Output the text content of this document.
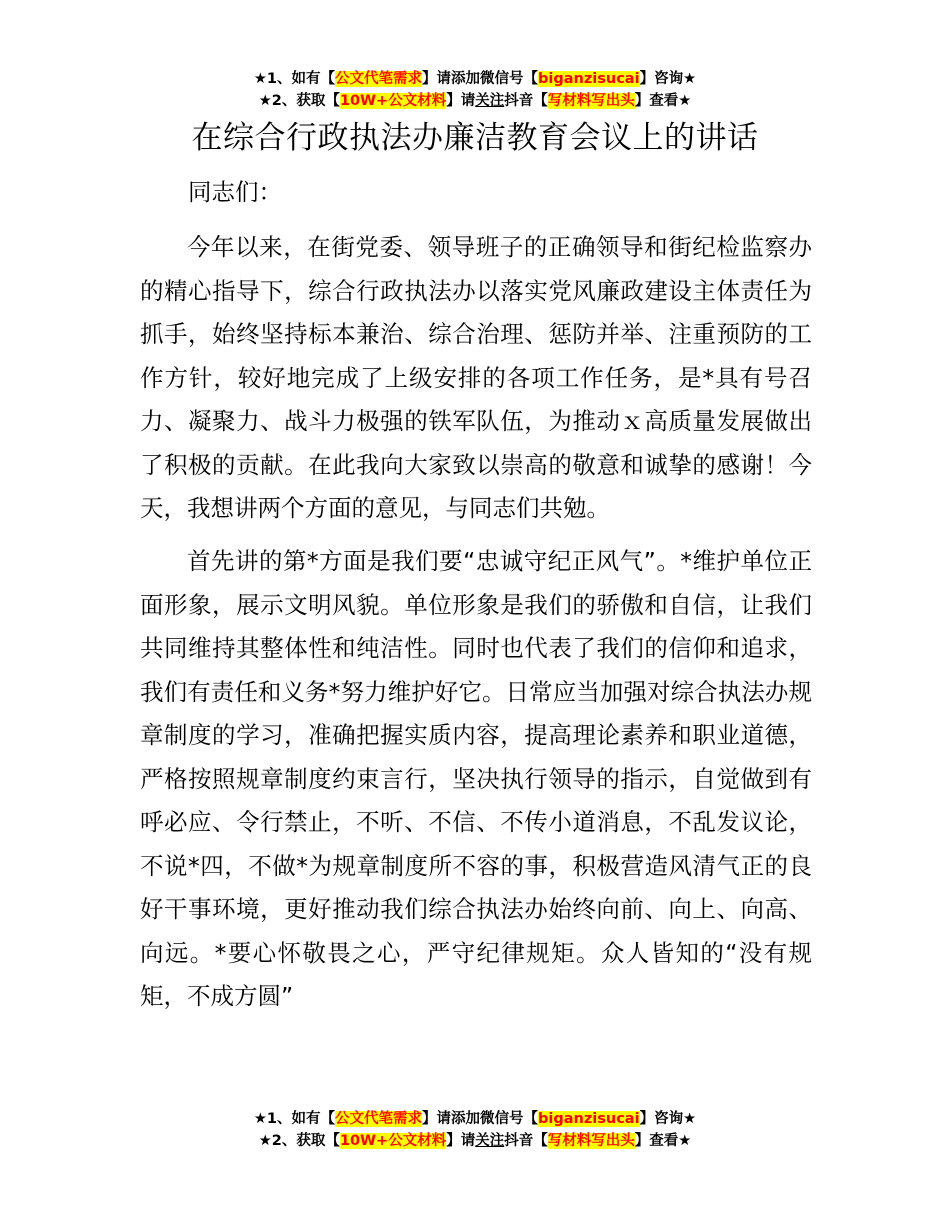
★1、如有【公文代笔需求】请添加微信号【biganzisucai】咨询★
★2、获取【10W+公文材料】请关注抖音【写材料写出头】查看★
在综合行政执法办廉洁教育会议上的讲话
同志们：

今年以来，在街党委、领导班子的正确领导和街纪检监察办的精心指导下，综合行政执法办以落实党风廉政建设主体责任为抓手，始终坚持标本兼治、综合治理、惩防并举、注重预防的工作方针，较好地完成了上级安排的各项工作任务，是*具有号召力、凝聚力、战斗力极强的铁军队伍，为推动ｘ高质量发展做出了积极的贡献。在此我向大家致以崇高的敬意和诚挚的感谢！今天，我想讲两个方面的意见，与同志们共勉。

首先讲的第*方面是我们要“忠诚守纪正风气”。*维护单位正面形象，展示文明风貌。单位形象是我们的骄傲和自信，让我们共同维持其整体性和纯洁性。同时也代表了我们的信仰和追求，我们有责任和义务*努力维护好它。日常应当加强对综合执法办规章制度的学习，准确把握实质内容，提高理论素养和职业道德，严格按照规章制度约束言行，坚决执行领导的指示，自觉做到有呼必应、令行禁止，不听、不信、不传小道消息，不乱发议论，不说*四，不做*为规章制度所不容的事，积极营造风清气正的良好干事环境，更好推动我们综合执法办始终向前、向上、向高、向远。*要心怀敬畏之心，严守纪律规矩。众人皆知的“没有规矩，不成方圆”

★1、如有【公文代笔需求】请添加微信号【biganzisucai】咨询★
★2、获取【10W+公文材料】请关注抖音【写材料写出头】查看★
